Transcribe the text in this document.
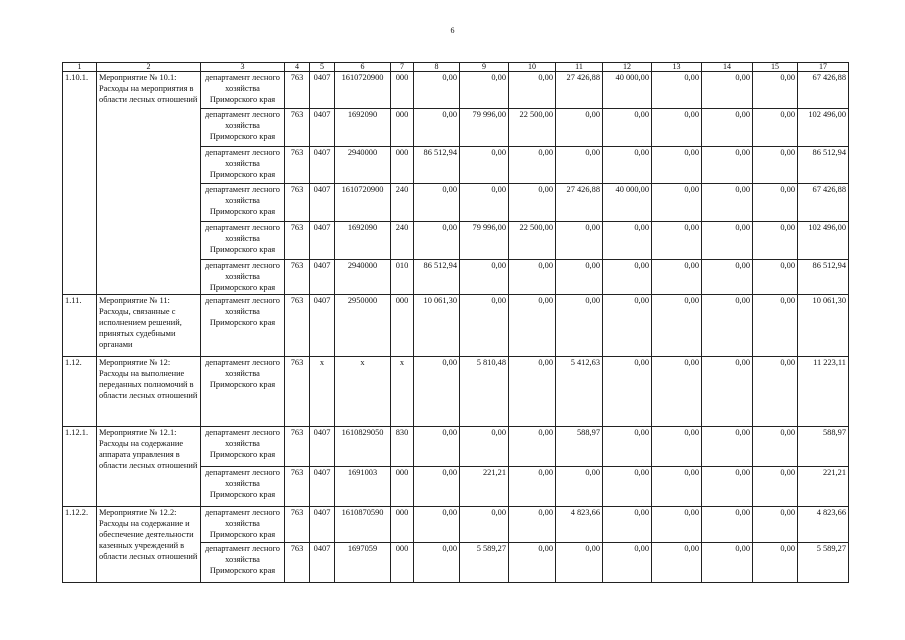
6
1	2	3	4	5	6	7	8	9	10	11	12	13	14	15	17
1.10.1.	Мероприятие № 10.1: Расходы на мероприятия в области лесных отношений	департамент лесного хозяйства Приморского края	763	0407	1610720900	000	0,00	0,00	0,00	27 426,88	40 000,00	0,00	0,00	0,00	67 426,88
		департамент лесного хозяйства Приморского края	763	0407	1692090	000	0,00	79 996,00	22 500,00	0,00	0,00	0,00	0,00	0,00	102 496,00
		департамент лесного хозяйства Приморского края	763	0407	2940000	000	86 512,94	0,00	0,00	0,00	0,00	0,00	0,00	0,00	86 512,94
		департамент лесного хозяйства Приморского края	763	0407	1610720900	240	0,00	0,00	0,00	27 426,88	40 000,00	0,00	0,00	0,00	67 426,88
		департамент лесного хозяйства Приморского края	763	0407	1692090	240	0,00	79 996,00	22 500,00	0,00	0,00	0,00	0,00	0,00	102 496,00
		департамент лесного хозяйства Приморского края	763	0407	2940000	010	86 512,94	0,00	0,00	0,00	0,00	0,00	0,00	0,00	86 512,94
1.11.	Мероприятие № 11: Расходы, связанные с исполнением решений, принятых судебными органами	департамент лесного хозяйства Приморского края	763	0407	2950000	000	10 061,30	0,00	0,00	0,00	0,00	0,00	0,00	0,00	10 061,30
1.12.	Мероприятие № 12: Расходы на выполнение переданных полномочий в области лесных отношений	департамент лесного хозяйства Приморского края	763	x	x	x	0,00	5 810,48	0,00	5 412,63	0,00	0,00	0,00	0,00	11 223,11
1.12.1.	Мероприятие № 12.1: Расходы на содержание аппарата управления в области лесных отношений	департамент лесного хозяйства Приморского края	763	0407	1610829050	830	0,00	0,00	0,00	588,97	0,00	0,00	0,00	0,00	588,97
		департамент лесного хозяйства Приморского края	763	0407	1691003	000	0,00	221,21	0,00	0,00	0,00	0,00	0,00	0,00	221,21
1.12.2.	Мероприятие № 12.2: Расходы на содержание и обеспечение деятельности казенных учреждений в области лесных отношений	департамент лесного хозяйства Приморского края	763	0407	1610870590	000	0,00	0,00	0,00	4 823,66	0,00	0,00	0,00	0,00	4 823,66
		департамент лесного хозяйства Приморского края	763	0407	1697059	000	0,00	5 589,27	0,00	0,00	0,00	0,00	0,00	0,00	5 589,27
